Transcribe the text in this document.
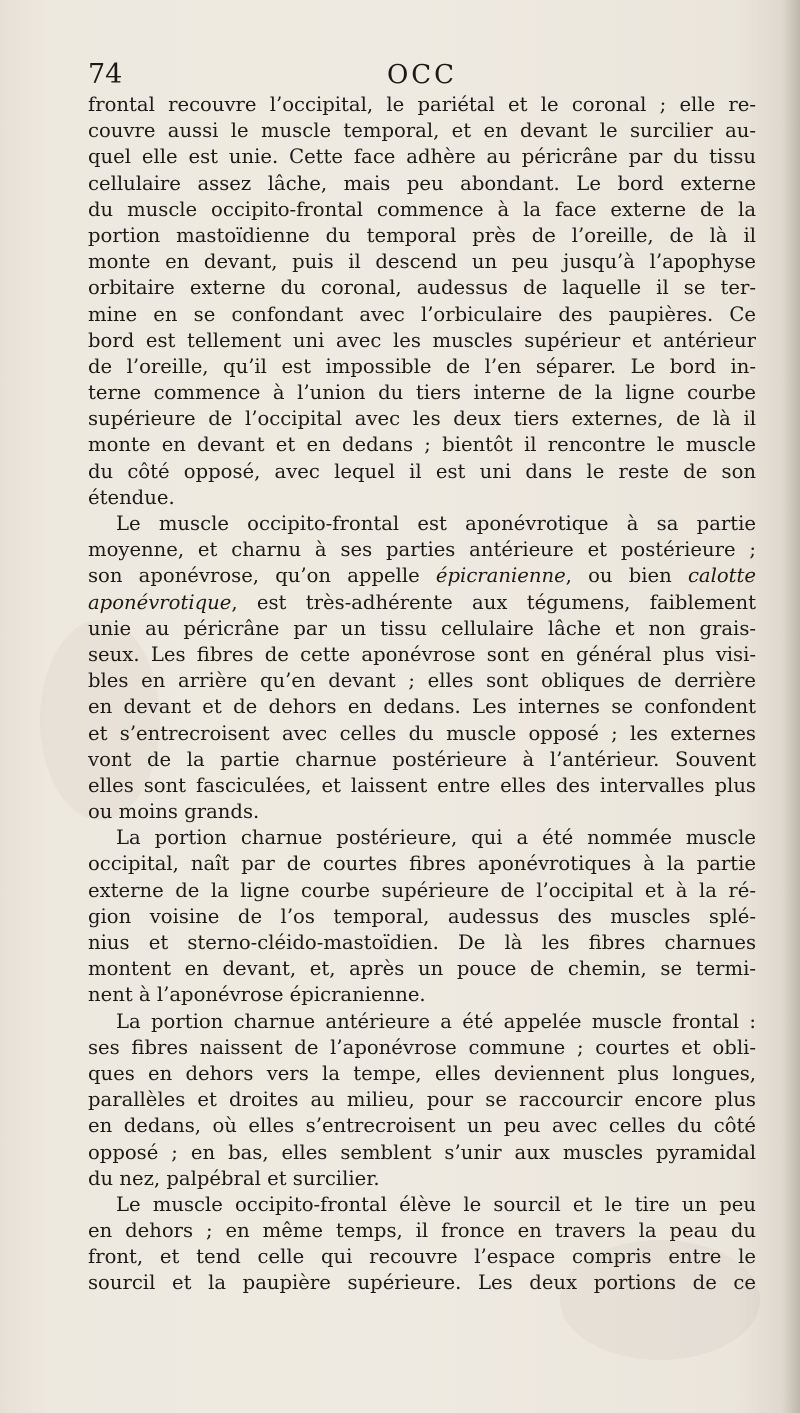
74	OCC
frontal recouvre l’occipital, le pariétal et le coronal ; elle re-
couvre aussi le muscle temporal, et en devant le surcilier au-
quel elle est unie. Cette face adhère au péricrâne par du tissu
cellulaire assez lâche, mais peu abondant. Le bord externe
du muscle occipito-frontal commence à la face externe de la
portion mastoïdienne du temporal près de l’oreille, de là il
monte en devant, puis il descend un peu jusqu’à l’apophyse
orbitaire externe du coronal, audessus de laquelle il se ter-
mine en se confondant avec l’orbiculaire des paupières. Ce
bord est tellement uni avec les muscles supérieur et antérieur
de l’oreille, qu’il est impossible de l’en séparer. Le bord in-
terne commence à l’union du tiers interne de la ligne courbe
supérieure de l’occipital avec les deux tiers externes, de là il
monte en devant et en dedans ; bientôt il rencontre le muscle
du côté opposé, avec lequel il est uni dans le reste de son
étendue.
Le muscle occipito-frontal est aponévrotique à sa partie
moyenne, et charnu à ses parties antérieure et postérieure ;
son aponévrose, qu’on appelle épicranienne, ou bien calotte
aponévrotique, est très-adhérente aux tégumens, faiblement
unie au péricrâne par un tissu cellulaire lâche et non grais-
seux. Les fibres de cette aponévrose sont en général plus visi-
bles en arrière qu’en devant ; elles sont obliques de derrière
en devant et de dehors en dedans. Les internes se confondent
et s’entrecroisent avec celles du muscle opposé ; les externes
vont de la partie charnue postérieure à l’antérieur. Souvent
elles sont fasciculées, et laissent entre elles des intervalles plus
ou moins grands.
La portion charnue postérieure, qui a été nommée muscle
occipital, naît par de courtes fibres aponévrotiques à la partie
externe de la ligne courbe supérieure de l’occipital et à la ré-
gion voisine de l’os temporal, audessus des muscles splé-
nius et sterno-cléido-mastoïdien. De là les fibres charnues
montent en devant, et, après un pouce de chemin, se termi-
nent à l’aponévrose épicranienne.
La portion charnue antérieure a été appelée muscle frontal :
ses fibres naissent de l’aponévrose commune ; courtes et obli-
ques en dehors vers la tempe, elles deviennent plus longues,
parallèles et droites au milieu, pour se raccourcir encore plus
en dedans, où elles s’entrecroisent un peu avec celles du côté
opposé ; en bas, elles semblent s’unir aux muscles pyramidal
du nez, palpébral et surcilier.
Le muscle occipito-frontal élève le sourcil et le tire un peu
en dehors ; en même temps, il fronce en travers la peau du
front, et tend celle qui recouvre l’espace compris entre le
sourcil et la paupière supérieure. Les deux portions de ce
